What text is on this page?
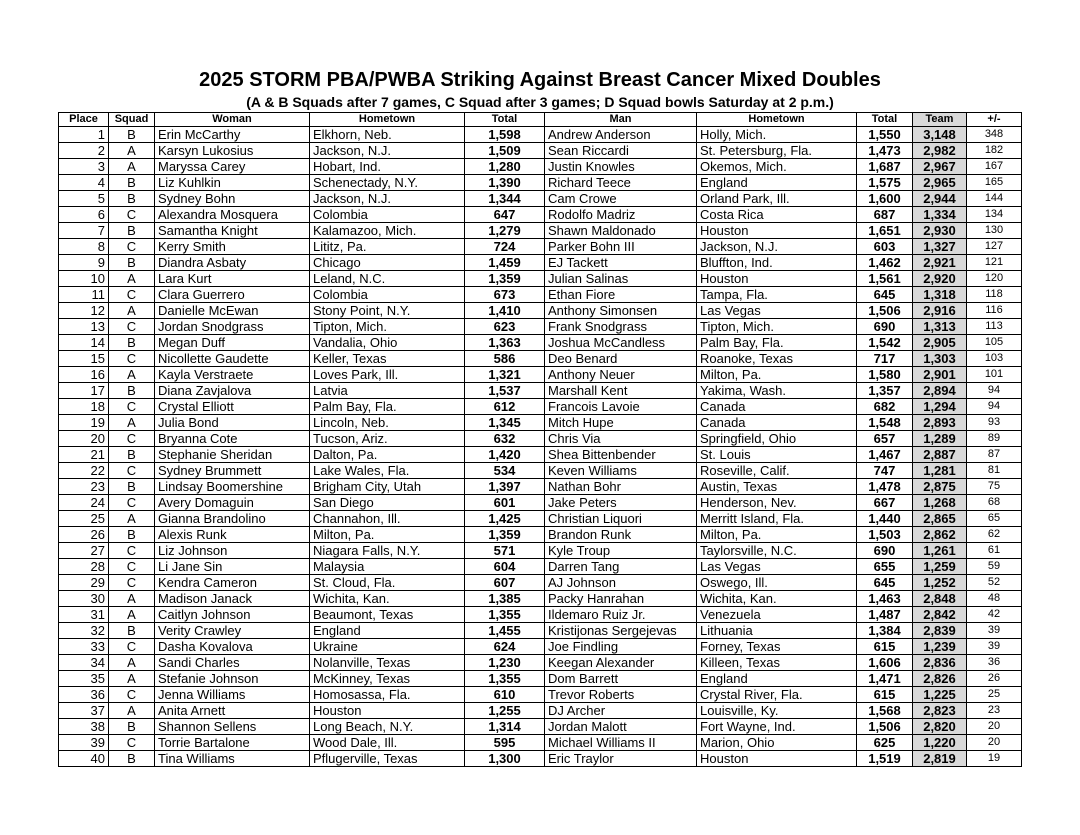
2025 STORM PBA/PWBA Striking Against Breast Cancer Mixed Doubles
(A & B Squads after 7 games, C Squad after 3 games; D Squad bowls Saturday at 2 p.m.)
Place	Squad	Woman	Hometown	Total	Man	Hometown	Total	Team	+/-
1	B	Erin McCarthy	Elkhorn, Neb.	1,598	Andrew Anderson	Holly, Mich.	1,550	3,148	348
2	A	Karsyn Lukosius	Jackson, N.J.	1,509	Sean Riccardi	St. Petersburg, Fla.	1,473	2,982	182
3	A	Maryssa Carey	Hobart, Ind.	1,280	Justin Knowles	Okemos, Mich.	1,687	2,967	167
4	B	Liz Kuhlkin	Schenectady, N.Y.	1,390	Richard Teece	England	1,575	2,965	165
5	B	Sydney Bohn	Jackson, N.J.	1,344	Cam Crowe	Orland Park, Ill.	1,600	2,944	144
6	C	Alexandra Mosquera	Colombia	647	Rodolfo Madriz	Costa Rica	687	1,334	134
7	B	Samantha Knight	Kalamazoo, Mich.	1,279	Shawn Maldonado	Houston	1,651	2,930	130
8	C	Kerry Smith	Lititz, Pa.	724	Parker Bohn III	Jackson, N.J.	603	1,327	127
9	B	Diandra Asbaty	Chicago	1,459	EJ Tackett	Bluffton, Ind.	1,462	2,921	121
10	A	Lara Kurt	Leland, N.C.	1,359	Julian Salinas	Houston	1,561	2,920	120
11	C	Clara Guerrero	Colombia	673	Ethan Fiore	Tampa, Fla.	645	1,318	118
12	A	Danielle McEwan	Stony Point, N.Y.	1,410	Anthony Simonsen	Las Vegas	1,506	2,916	116
13	C	Jordan Snodgrass	Tipton, Mich.	623	Frank Snodgrass	Tipton, Mich.	690	1,313	113
14	B	Megan Duff	Vandalia, Ohio	1,363	Joshua McCandless	Palm Bay, Fla.	1,542	2,905	105
15	C	Nicollette Gaudette	Keller, Texas	586	Deo Benard	Roanoke, Texas	717	1,303	103
16	A	Kayla Verstraete	Loves Park, Ill.	1,321	Anthony Neuer	Milton, Pa.	1,580	2,901	101
17	B	Diana Zavjalova	Latvia	1,537	Marshall Kent	Yakima, Wash.	1,357	2,894	94
18	C	Crystal Elliott	Palm Bay, Fla.	612	Francois Lavoie	Canada	682	1,294	94
19	A	Julia Bond	Lincoln, Neb.	1,345	Mitch Hupe	Canada	1,548	2,893	93
20	C	Bryanna Cote	Tucson, Ariz.	632	Chris Via	Springfield, Ohio	657	1,289	89
21	B	Stephanie Sheridan	Dalton, Pa.	1,420	Shea Bittenbender	St. Louis	1,467	2,887	87
22	C	Sydney Brummett	Lake Wales, Fla.	534	Keven Williams	Roseville, Calif.	747	1,281	81
23	B	Lindsay Boomershine	Brigham City, Utah	1,397	Nathan Bohr	Austin, Texas	1,478	2,875	75
24	C	Avery Domaguin	San Diego	601	Jake Peters	Henderson, Nev.	667	1,268	68
25	A	Gianna Brandolino	Channahon, Ill.	1,425	Christian Liquori	Merritt Island, Fla.	1,440	2,865	65
26	B	Alexis Runk	Milton, Pa.	1,359	Brandon Runk	Milton, Pa.	1,503	2,862	62
27	C	Liz Johnson	Niagara Falls, N.Y.	571	Kyle Troup	Taylorsville, N.C.	690	1,261	61
28	C	Li Jane Sin	Malaysia	604	Darren Tang	Las Vegas	655	1,259	59
29	C	Kendra Cameron	St. Cloud, Fla.	607	AJ Johnson	Oswego, Ill.	645	1,252	52
30	A	Madison Janack	Wichita, Kan.	1,385	Packy Hanrahan	Wichita, Kan.	1,463	2,848	48
31	A	Caitlyn Johnson	Beaumont, Texas	1,355	Ildemaro Ruiz Jr.	Venezuela	1,487	2,842	42
32	B	Verity Crawley	England	1,455	Kristijonas Sergejevas	Lithuania	1,384	2,839	39
33	C	Dasha Kovalova	Ukraine	624	Joe Findling	Forney, Texas	615	1,239	39
34	A	Sandi Charles	Nolanville, Texas	1,230	Keegan Alexander	Killeen, Texas	1,606	2,836	36
35	A	Stefanie Johnson	McKinney, Texas	1,355	Dom Barrett	England	1,471	2,826	26
36	C	Jenna Williams	Homosassa, Fla.	610	Trevor Roberts	Crystal River, Fla.	615	1,225	25
37	A	Anita Arnett	Houston	1,255	DJ Archer	Louisville, Ky.	1,568	2,823	23
38	B	Shannon Sellens	Long Beach, N.Y.	1,314	Jordan Malott	Fort Wayne, Ind.	1,506	2,820	20
39	C	Torrie Bartalone	Wood Dale, Ill.	595	Michael Williams II	Marion, Ohio	625	1,220	20
40	B	Tina Williams	Pflugerville, Texas	1,300	Eric Traylor	Houston	1,519	2,819	19
